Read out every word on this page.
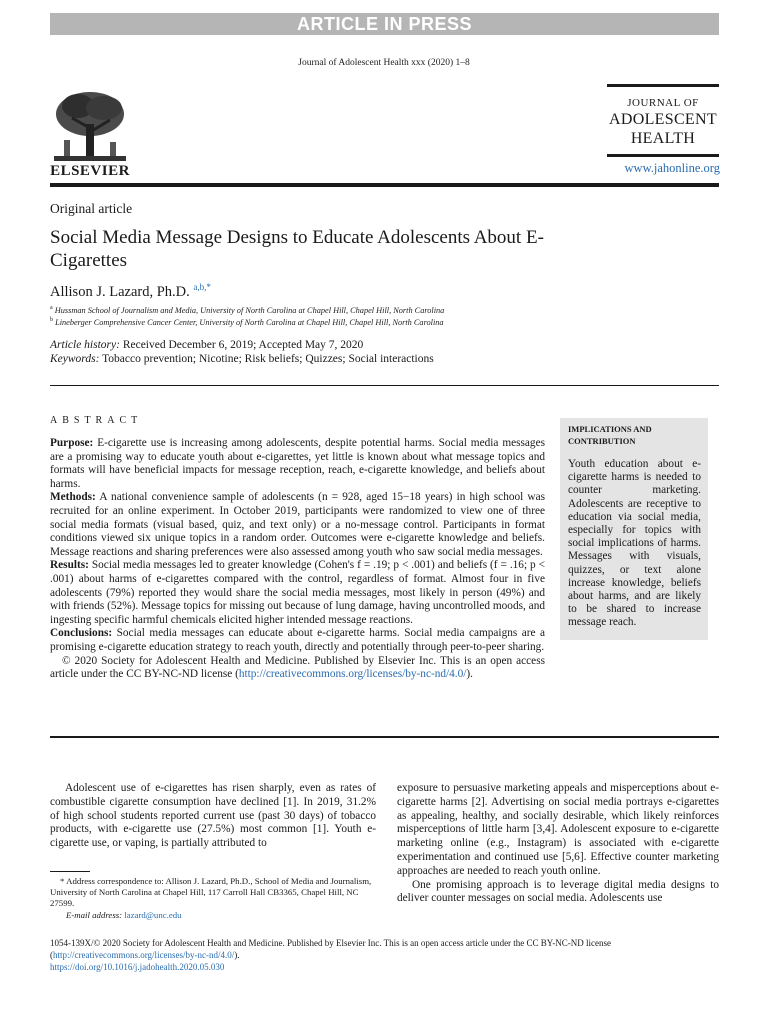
ARTICLE IN PRESS
Journal of Adolescent Health xxx (2020) 1–8
ELSEVIER
JOURNAL OF
ADOLESCENT
HEALTH
www.jahonline.org
Original article
Social Media Message Designs to Educate Adolescents About E-Cigarettes
Allison J. Lazard, Ph.D. $^{a,b,*}$
$^a$ Hussman School of Journalism and Media, University of North Carolina at Chapel Hill, Chapel Hill, North Carolina
$^b$ Lineberger Comprehensive Cancer Center, University of North Carolina at Chapel Hill, Chapel Hill, North Carolina
Article history: Received December 6, 2019; Accepted May 7, 2020
Keywords: Tobacco prevention; Nicotine; Risk beliefs; Quizzes; Social interactions
ABSTRACT

Purpose: E-cigarette use is increasing among adolescents, despite potential harms. Social media messages are a promising way to educate youth about e-cigarettes, yet little is known about what message topics and formats will have beneficial impacts for message reception, reach, e-cigarette knowledge, and beliefs about harms.

Methods: A national convenience sample of adolescents (n = 928, aged 15−18 years) in high school was recruited for an online experiment. In October 2019, participants were randomized to view one of three social media formats (visual based, quiz, and text only) or a no-message control. Participants in format conditions viewed six unique topics in a random order. Outcomes were e-cigarette knowledge and beliefs. Message reactions and sharing preferences were also assessed among youth who saw social media messages.

Results: Social media messages led to greater knowledge (Cohen's f = .19; p < .001) and beliefs (f = .16; p < .001) about harms of e-cigarettes compared with the control, regardless of format. Almost four in five adolescents (79%) reported they would share the social media messages, most likely in person (49%) and with friends (52%). Message topics for missing out because of lung damage, having uncontrolled moods, and ingesting specific harmful chemicals elicited higher intended message reactions.

Conclusions: Social media messages can educate about e-cigarette harms. Social media campaigns are a promising e-cigarette education strategy to reach youth, directly and potentially through peer-to-peer sharing.

© 2020 Society for Adolescent Health and Medicine. Published by Elsevier Inc. This is an open access article under the CC BY-NC-ND license (http://creativecommons.org/licenses/by-nc-nd/4.0/).

IMPLICATIONS AND CONTRIBUTION
Youth education about e-cigarette harms is needed to counter marketing. Adolescents are receptive to education via social media, especially for topics with social implications of harms. Messages with visuals, quizzes, or text alone increase knowledge, beliefs about harms, and are likely to be shared to increase message reach.

Adolescent use of e-cigarettes has risen sharply, even as rates of combustible cigarette consumption have declined [1]. In 2019, 31.2% of high school students reported current use (past 30 days) of tobacco products, with e-cigarette use (27.5%) most common [1]. Youth e-cigarette use, or vaping, is partially attributed to

exposure to persuasive marketing appeals and misperceptions about e-cigarette harms [2]. Advertising on social media portrays e-cigarettes as appealing, healthy, and socially desirable, which likely reinforces misperceptions of little harm [3,4]. Adolescent exposure to e-cigarette marketing online (e.g., Instagram) is associated with e-cigarette experimentation and continued use [5,6]. Effective counter marketing approaches are needed to reach youth online.

One promising approach is to leverage digital media designs to deliver counter messages on social media. Adolescents use

* Address correspondence to: Allison J. Lazard, Ph.D., School of Media and Journalism, University of North Carolina at Chapel Hill, 117 Carroll Hall CB3365, Chapel Hill, NC 27599.
E-mail address: lazard@unc.edu
1054-139X/© 2020 Society for Adolescent Health and Medicine. Published by Elsevier Inc. This is an open access article under the CC BY-NC-ND license (http://creativecommons.org/licenses/by-nc-nd/4.0/).
https://doi.org/10.1016/j.jadohealth.2020.05.030
